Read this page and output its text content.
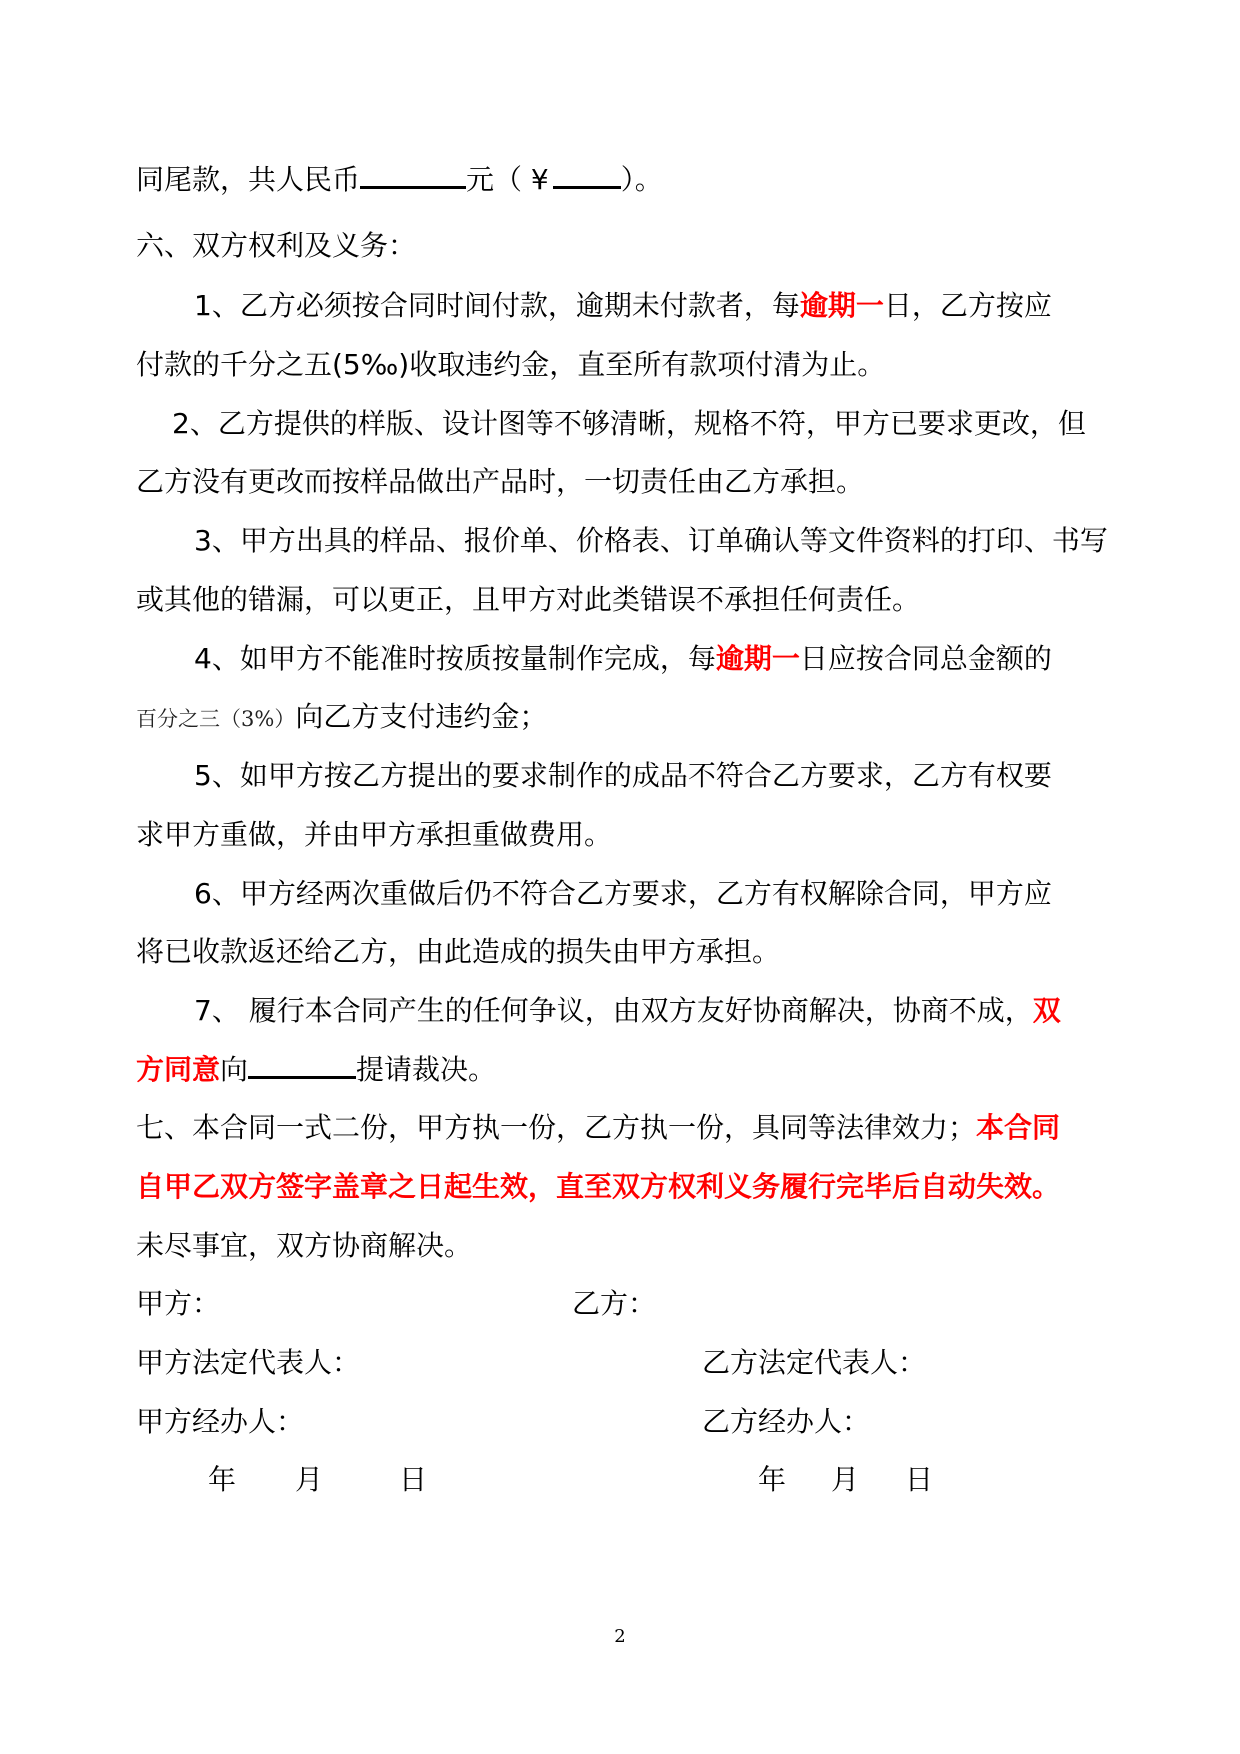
同尾款，共人民币	元（ ¥	）。
六、双方权利及义务：
1、乙方必须按合同时间付款，逾期未付款者，每逾期一日，乙方按应
付款的千分之五(5‰)收取违约金，直至所有款项付清为止。
2、乙方提供的样版、设计图等不够清晰，规格不符，甲方已要求更改，但
乙方没有更改而按样品做出产品时，一切责任由乙方承担。
3、甲方出具的样品、报价单、价格表、订单确认等文件资料的打印、书写
或其他的错漏，可以更正，且甲方对此类错误不承担任何责任。
4、如甲方不能准时按质按量制作完成，每逾期一日应按合同总金额的
百分之三（3%）向乙方支付违约金；
5、如甲方按乙方提出的要求制作的成品不符合乙方要求，乙方有权要
求甲方重做，并由甲方承担重做费用。
6、甲方经两次重做后仍不符合乙方要求，乙方有权解除合同，甲方应
将已收款返还给乙方，由此造成的损失由甲方承担。
7、 履行本合同产生的任何争议，由双方友好协商解决，协商不成，双
方同意向	提请裁决。
七、本合同一式二份，甲方执一份，乙方执一份，具同等法律效力；本合同
自甲乙双方签字盖章之日起生效，直至双方权利义务履行完毕后自动失效。
未尽事宜，双方协商解决。
甲方：	乙方：
甲方法定代表人：	乙方法定代表人：
甲方经办人：	乙方经办人：
年 月	日	年 月 日
2
